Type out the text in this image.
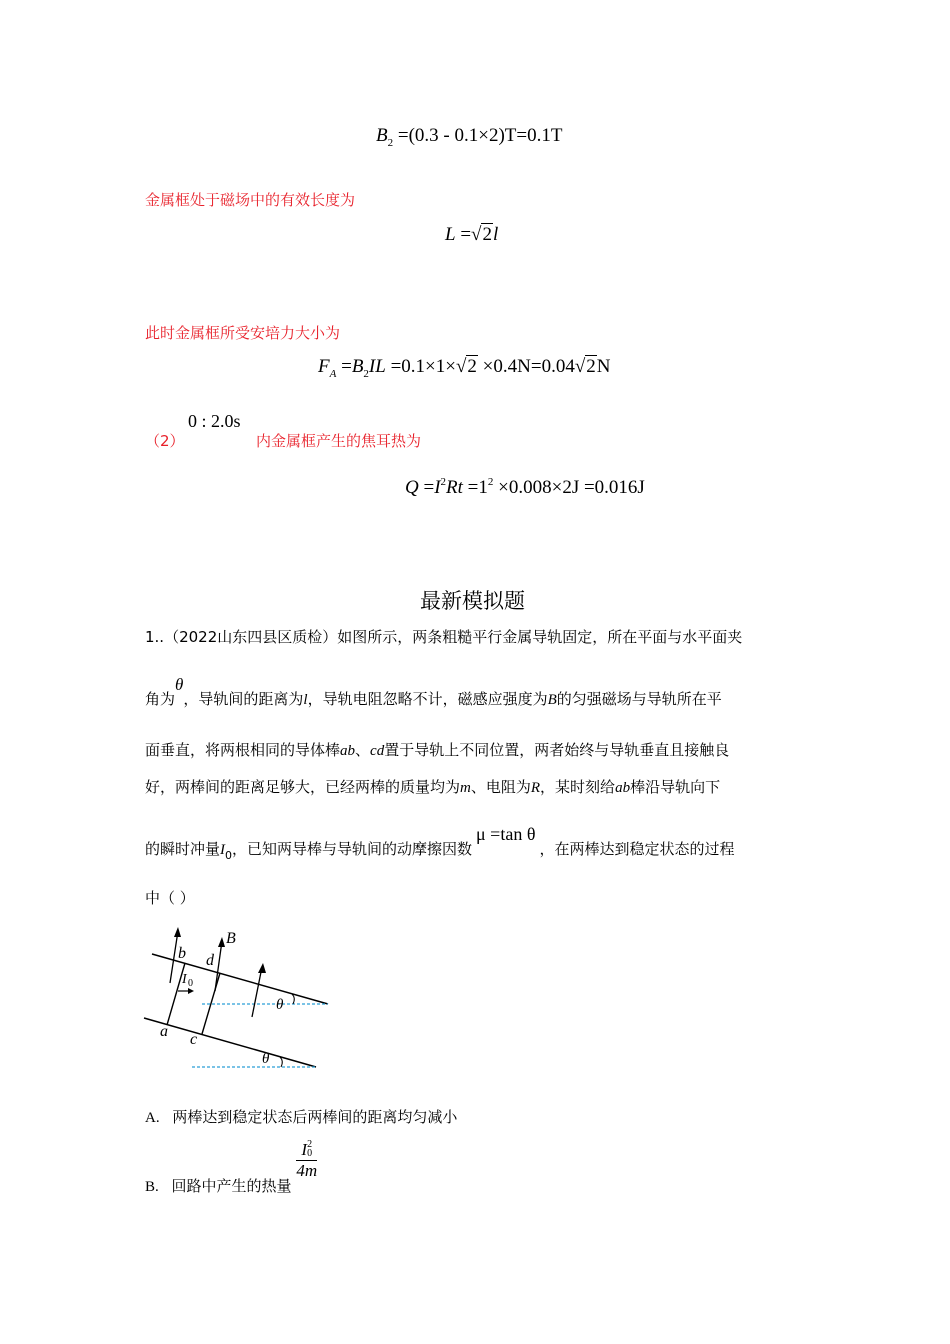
$B_2 =(0.3 - 0.1\times 2)T=0.1T$
金属框处于磁场中的有效长度为
L =√2l
此时金属框所受安培力大小为
$F_A =B_2IL =0.1\times 1\times√2 \times 0.4N=0.04√2N$
（2）
0 : 2.0s
内金属框产生的焦耳热为
$Q =I^2Rt =1^2 \times 0.008\times 2J =0.016J$
最新模拟题
1..（2022山东四县区质检）如图所示，两条粗糙平行金属导轨固定，所在平面与水平面夹
角为θ，导轨间的距离为l，导轨电阻忽略不计，磁感应强度为B的匀强磁场与导轨所在平
面垂直，将两根相同的导体棒ab、cd置于导轨上不同位置，两者始终与导轨垂直且接触良
好，两棒间的距离足够大，已经两棒的质量均为m、电阻为R，某时刻给ab棒沿导轨向下
的瞬时冲量$I_0$，已知两导棒与导轨间的动摩擦因数μ =tan θ，在两棒达到稳定状态的过程
中（ ）
B
b d
I 0
a c
θ
θ
A. 两棒达到稳定状态后两棒间的距离均匀减小
B. 回路中产生的热量
I 2
0
4m
